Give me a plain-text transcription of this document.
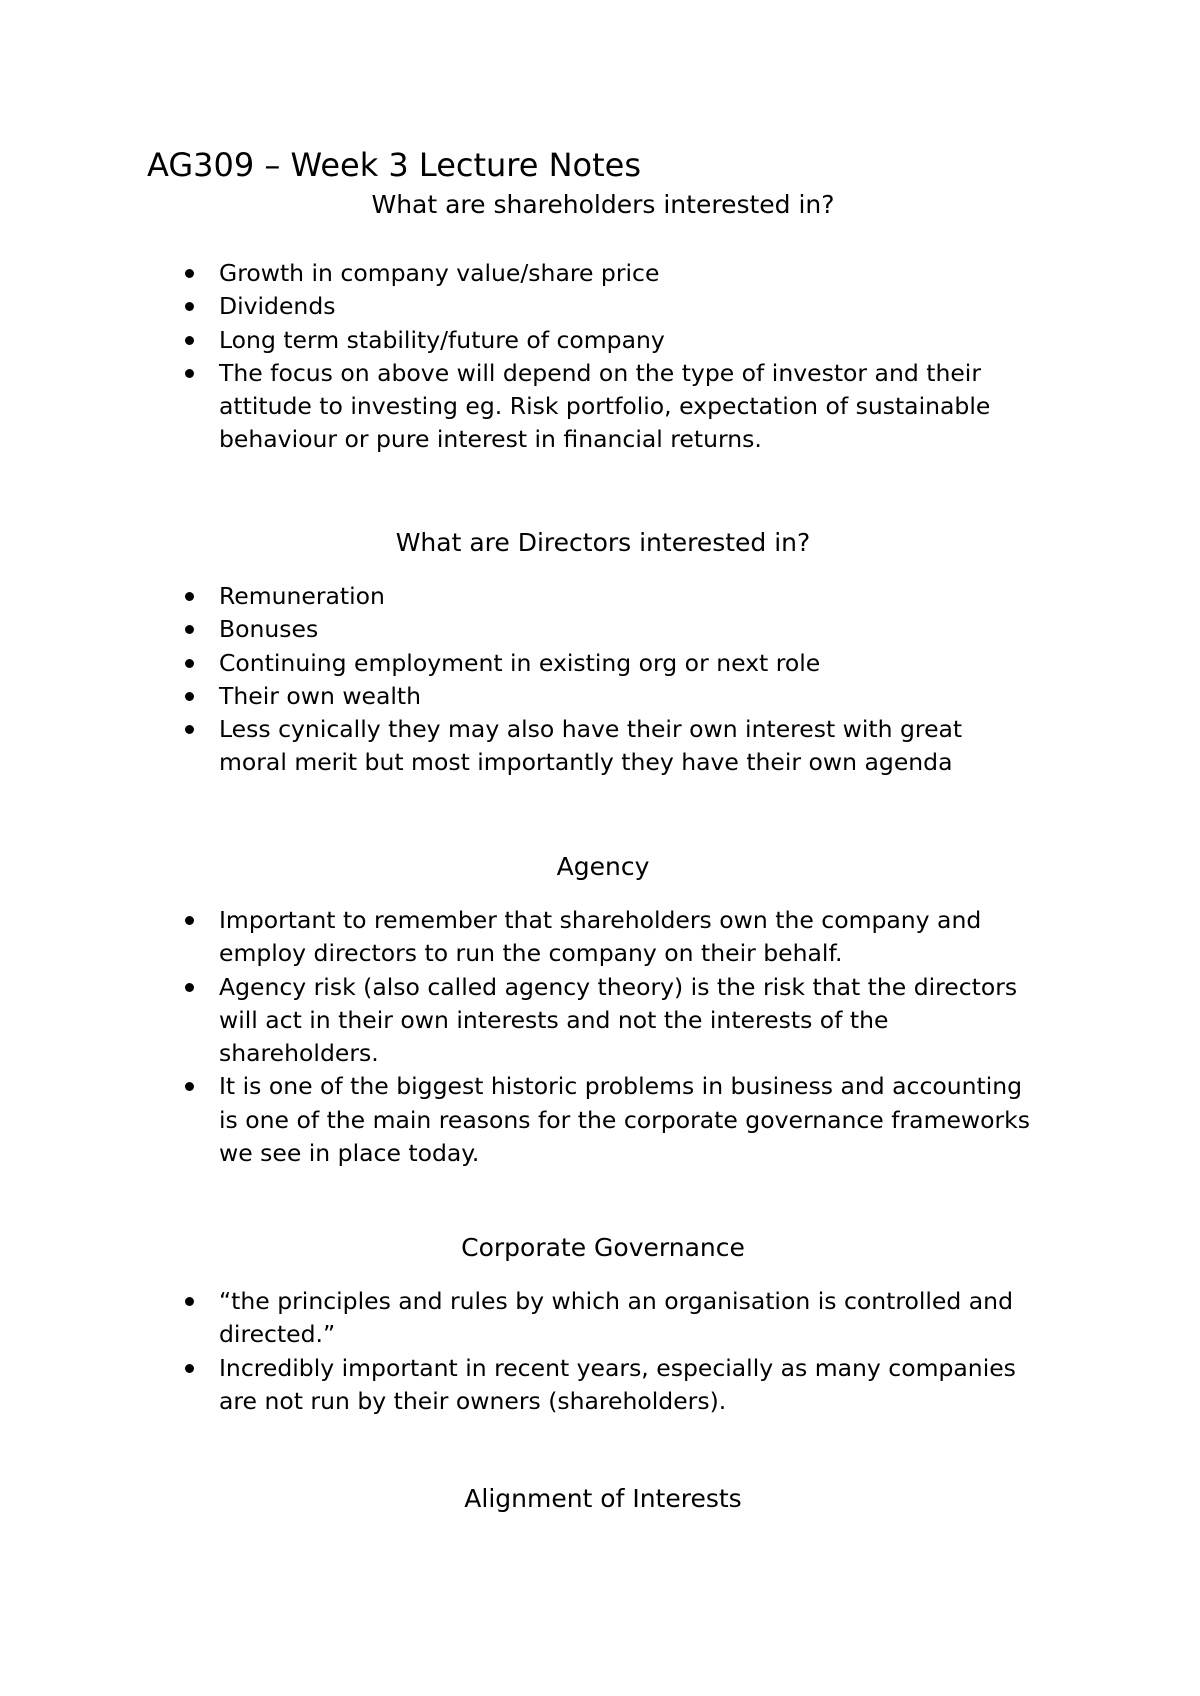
AG309 – Week 3 Lecture Notes
What are shareholders interested in?
Growth in company value/share price
Dividends
Long term stability/future of company
The focus on above will depend on the type of investor and their
attitude to investing eg. Risk portfolio, expectation of sustainable
behaviour or pure interest in financial returns.
What are Directors interested in?
Remuneration
Bonuses
Continuing employment in existing org or next role
Their own wealth
Less cynically they may also have their own interest with great
moral merit but most importantly they have their own agenda
Agency
Important to remember that shareholders own the company and
employ directors to run the company on their behalf.
Agency risk (also called agency theory) is the risk that the directors
will act in their own interests and not the interests of the
shareholders.
It is one of the biggest historic problems in business and accounting
is one of the main reasons for the corporate governance frameworks
we see in place today.
Corporate Governance
“the principles and rules by which an organisation is controlled and
directed.”
Incredibly important in recent years, especially as many companies
are not run by their owners (shareholders).
Alignment of Interests
